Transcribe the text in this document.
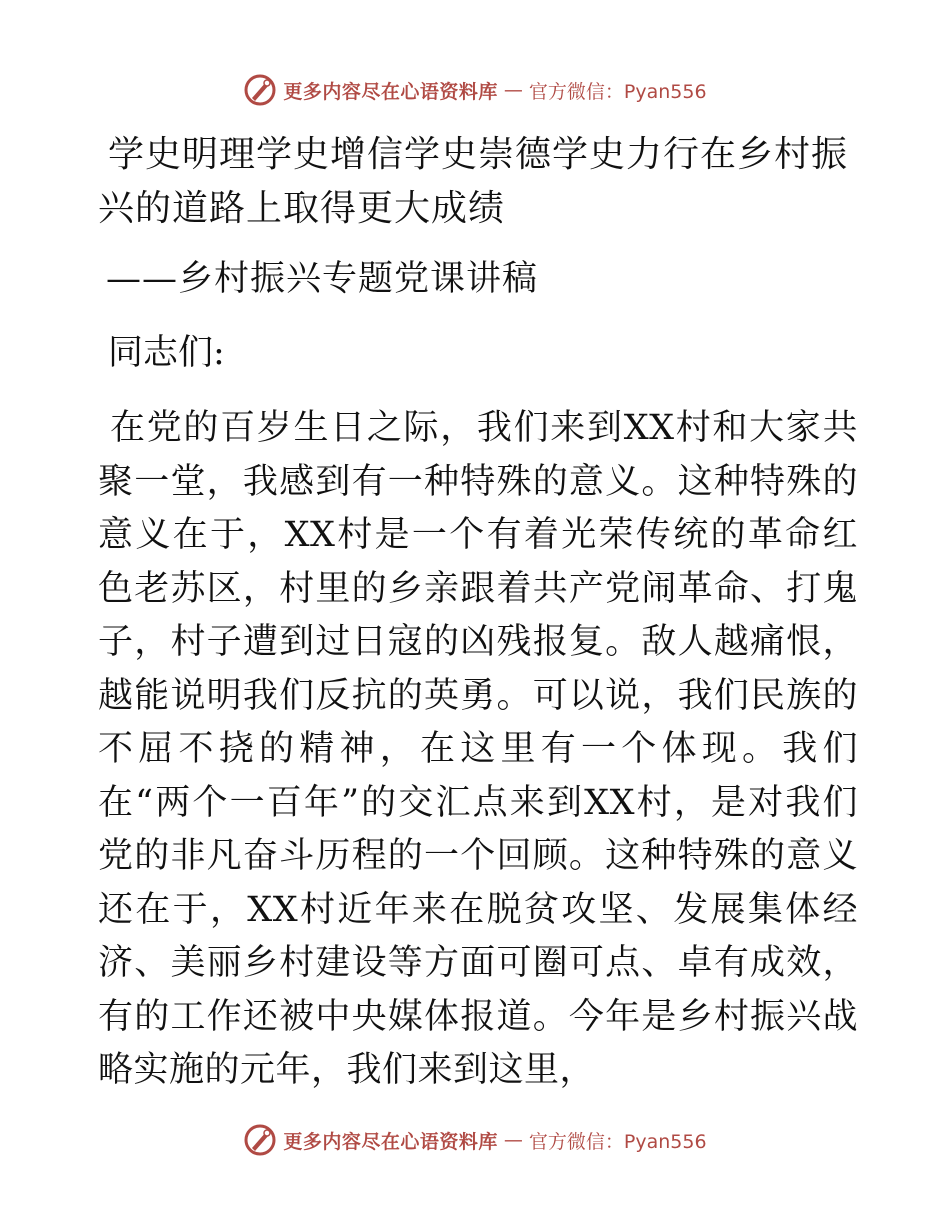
更多内容尽在心语资料库 — 官方微信：Pyan556
学史明理学史增信学史崇德学史力行在乡村振兴的道路上取得更大成绩

——乡村振兴专题党课讲稿

同志们:

在党的百岁生日之际，我们来到XX村和大家共聚一堂，我感到有一种特殊的意义。这种特殊的意义在于，XX村是一个有着光荣传统的革命红色老苏区，村里的乡亲跟着共产党闹革命、打鬼子，村子遭到过日寇的凶残报复。敌人越痛恨，越能说明我们反抗的英勇。可以说，我们民族的不屈不挠的精神，在这里有一个体现。我们在“两个一百年”的交汇点来到XX村，是对我们党的非凡奋斗历程的一个回顾。这种特殊的意义还在于，XX村近年来在脱贫攻坚、发展集体经济、美丽乡村建设等方面可圈可点、卓有成效，有的工作还被中央媒体报道。今年是乡村振兴战略实施的元年，我们来到这里，

更多内容尽在心语资料库 — 官方微信：Pyan556
